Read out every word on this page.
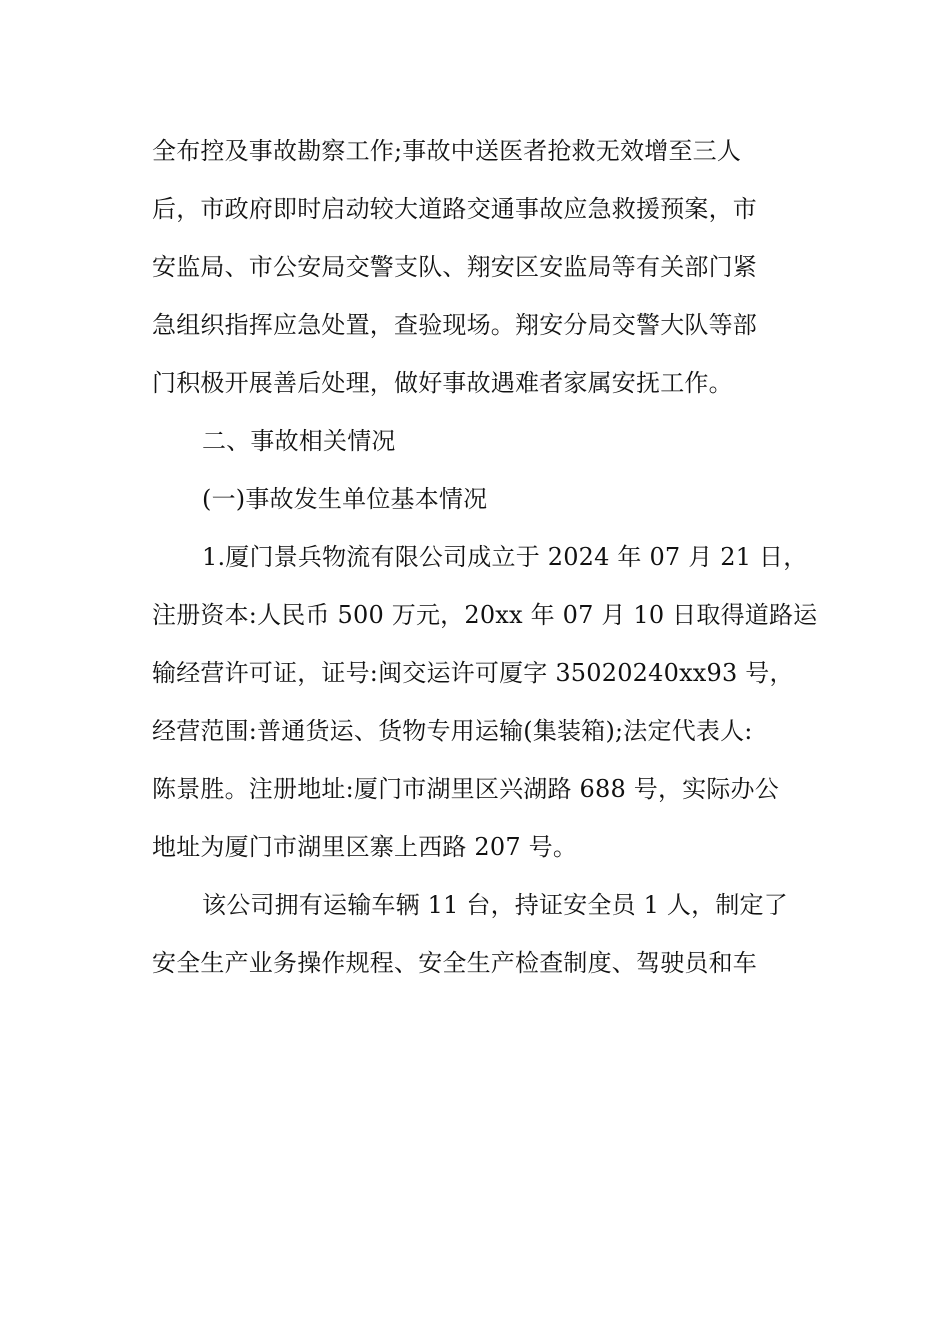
全布控及事故勘察工作;事故中送医者抢救无效增至三人
后，市政府即时启动较大道路交通事故应急救援预案，市
安监局、市公安局交警支队、翔安区安监局等有关部门紧
急组织指挥应急处置，查验现场。翔安分局交警大队等部
门积极开展善后处理，做好事故遇难者家属安抚工作。
二、事故相关情况
(一)事故发生单位基本情况
1.厦门景兵物流有限公司成立于 2024 年 07 月 21 日，
注册资本:人民币 500 万元，20xx 年 07 月 10 日取得道路运
输经营许可证，证号:闽交运许可厦字 35020240xx93 号，
经营范围:普通货运、货物专用运输(集装箱);法定代表人:
陈景胜。注册地址:厦门市湖里区兴湖路 688 号，实际办公
地址为厦门市湖里区寨上西路 207 号。
该公司拥有运输车辆 11 台，持证安全员 1 人，制定了
安全生产业务操作规程、安全生产检查制度、驾驶员和车
